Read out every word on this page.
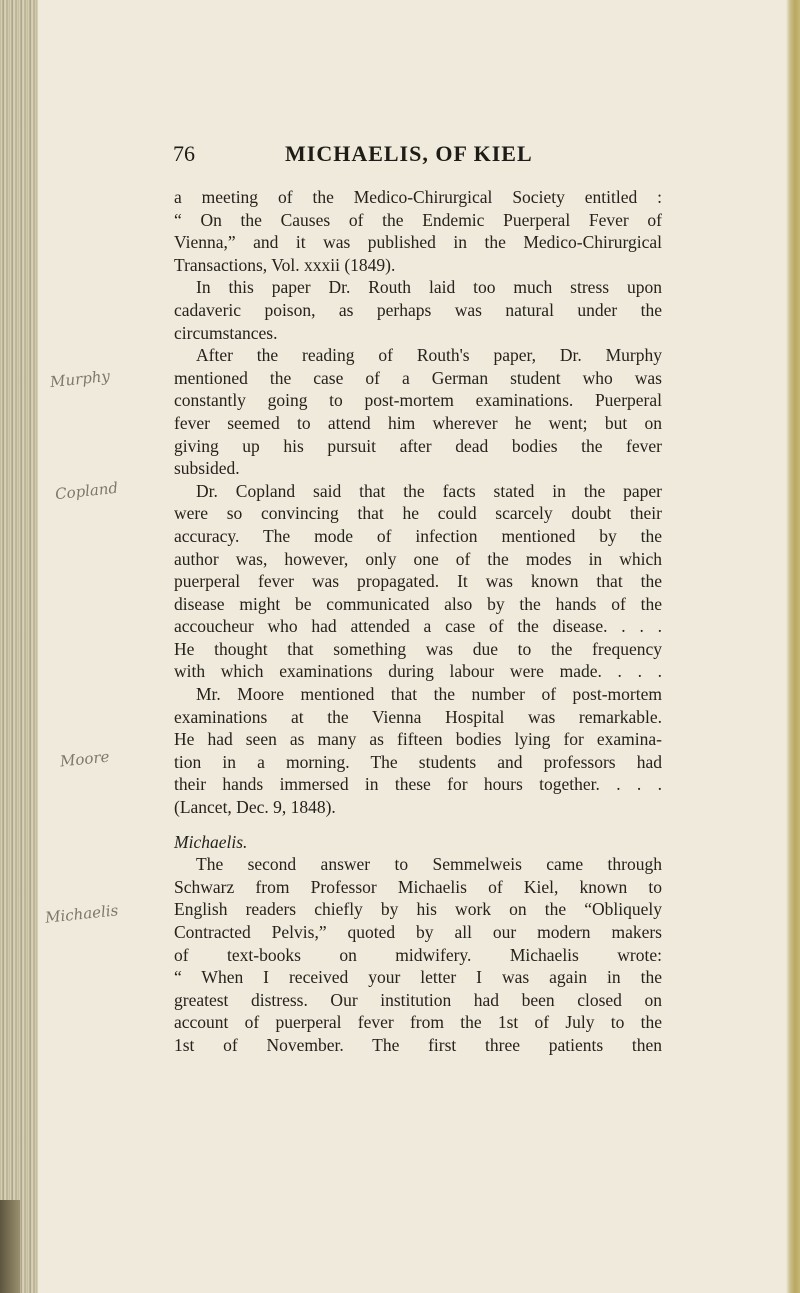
76	MICHAELIS, OF KIEL
Murphy
Copland
Moore
Michaelis
a meeting of the Medico-Chirurgical Society entitled :
“ On the Causes of the Endemic Puerperal Fever of
Vienna,” and it was published in the Medico-Chirurgical
Transactions, Vol. xxxii (1849).
In this paper Dr. Routh laid too much stress upon
cadaveric poison, as perhaps was natural under the
circumstances.
After the reading of Routh's paper, Dr. Murphy
mentioned the case of a German student who was
constantly going to post-mortem examinations. Puerperal
fever seemed to attend him wherever he went; but on
giving up his pursuit after dead bodies the fever
subsided.
Dr. Copland said that the facts stated in the paper
were so convincing that he could scarcely doubt their
accuracy. The mode of infection mentioned by the
author was, however, only one of the modes in which
puerperal fever was propagated. It was known that the
disease might be communicated also by the hands of the
accoucheur who had attended a case of the disease. . . .
He thought that something was due to the frequency
with which examinations during labour were made. . . .
Mr. Moore mentioned that the number of post-mortem
examinations at the Vienna Hospital was remarkable.
He had seen as many as fifteen bodies lying for examina-
tion in a morning. The students and professors had
their hands immersed in these for hours together. . . .
(Lancet, Dec. 9, 1848).
Michaelis.
The second answer to Semmelweis came through
Schwarz from Professor Michaelis of Kiel, known to
English readers chiefly by his work on the “Obliquely
Contracted Pelvis,” quoted by all our modern makers
of text-books on midwifery. Michaelis wrote:
“ When I received your letter I was again in the
greatest distress. Our institution had been closed on
account of puerperal fever from the 1st of July to the
1st of November. The first three patients then
